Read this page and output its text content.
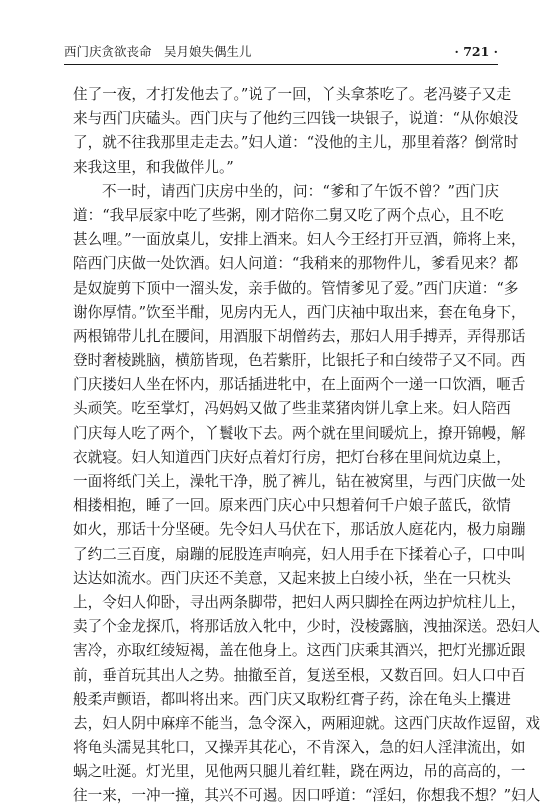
西门庆贪欲丧命　吴月娘失偶生儿	· 721 ·
住了一夜，才打发他去了。”说了一回，丫头拿茶吃了。老冯婆子又走
来与西门庆磕头。西门庆与了他约三四钱一块银子，说道：“从你娘没
了，就不往我那里走走去。”妇人道：“没他的主儿，那里着落？倒常时
来我这里，和我做伴儿。”
不一时，请西门庆房中坐的，问：“爹和了午饭不曾？”西门庆
道：“我早辰家中吃了些粥，刚才陪你二舅又吃了两个点心，且不吃
甚么哩。”一面放桌儿，安排上酒来。妇人今王经打开豆酒，筛将上来，
陪西门庆做一处饮酒。妇人问道：“我稍来的那物件儿，爹看见来？都
是奴旋剪下顶中一溜头发，亲手做的。管情爹见了爱。”西门庆道：“多
谢你厚情。”饮至半酣，见房内无人，西门庆袖中取出来，套在龟身下，
两根锦带儿扎在腰间，用酒服下胡僧药去，那妇人用手搏弄，弄得那话
登时奢棱跳脑，横筋皆现，色若紫肝，比银托子和白绫带子又不同。西
门庆搂妇人坐在怀内，那话插进牝中，在上面两个一递一口饮酒，咂舌
头顽笑。吃至掌灯，冯妈妈又做了些韭菜猪肉饼儿拿上来。妇人陪西
门庆每人吃了两个，丫鬟收下去。两个就在里间暖炕上，撩开锦幔，解
衣就寝。妇人知道西门庆好点着灯行房，把灯台移在里间炕边桌上，
一面将纸门关上，澡牝干净，脱了裤儿，钻在被窝里，与西门庆做一处
相搂相抱，睡了一回。原来西门庆心中只想着何千户娘子蓝氏，欲情
如火，那话十分坚硬。先令妇人马伏在下，那话放人庭花内，极力扇蹦
了约二三百度，扇蹦的屁股连声响亮，妇人用手在下揉着心子，口中叫
达达如流水。西门庆还不美意，又起来披上白绫小袄，坐在一只枕头
上，令妇人仰卧，寻出两条脚带，把妇人两只脚拴在两边护炕柱儿上，
卖了个金龙探爪，将那话放入牝中，少时，没棱露脑，洩抽深送。恐妇人
害冷，亦取红绫短褐，盖在他身上。这西门庆乘其酒兴，把灯光挪近跟
前，垂首玩其出人之势。抽撤至首，复送至根，又数百回。妇人口中百
般柔声颤语，都叫将出来。西门庆又取粉红膏子药，涂在龟头上攮进
去，妇人阴中麻痒不能当，急令深入，两厢迎就。这西门庆故作逗留，戏
将龟头濡晃其牝口，又操弄其花心，不肯深入，急的妇人淫津流出，如
蜗之吐涎。灯光里，见他两只腿儿着红鞋，跷在两边，吊的高高的，一
往一来，一冲一撞，其兴不可遏。因口呼道：“淫妇，你想我不想？”妇人
